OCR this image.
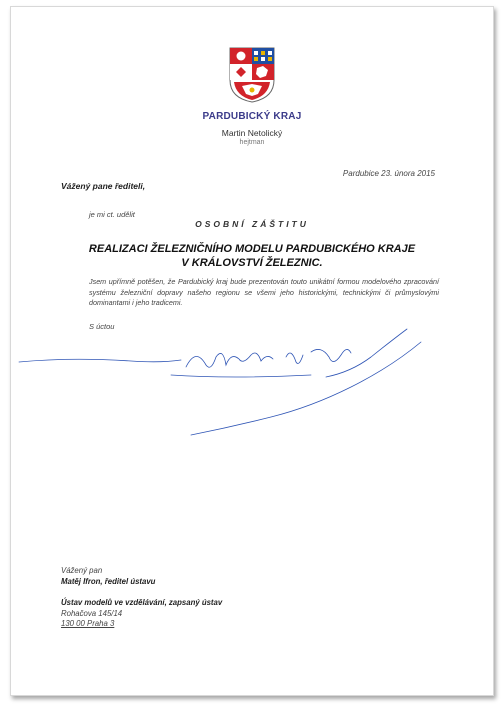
PARDUBICKÝ KRAJ
Martin Netolický
hejtman
Pardubice 23. února 2015
Vážený pane řediteli,
je mi ct. udělit
OSOBNÍ ZÁŠTITU
REALIZACI ŽELEZNIČNÍHO MODELU PARDUBICKÉHO KRAJE
V KRÁLOVSTVÍ ŽELEZNIC.
Jsem upřímně potěšen, že Pardubický kraj bude prezentován touto unikátní formou modelového zpracování systému železniční dopravy našeho regionu se všemi jeho historickými, technickými či průmyslovými dominantami i jeho tradicemi.
S úctou
Vážený pan
Matěj Ifron, ředitel ústavu
Ústav modelů ve vzdělávání, zapsaný ústav
Rohačova 145/14
130 00 Praha 3
